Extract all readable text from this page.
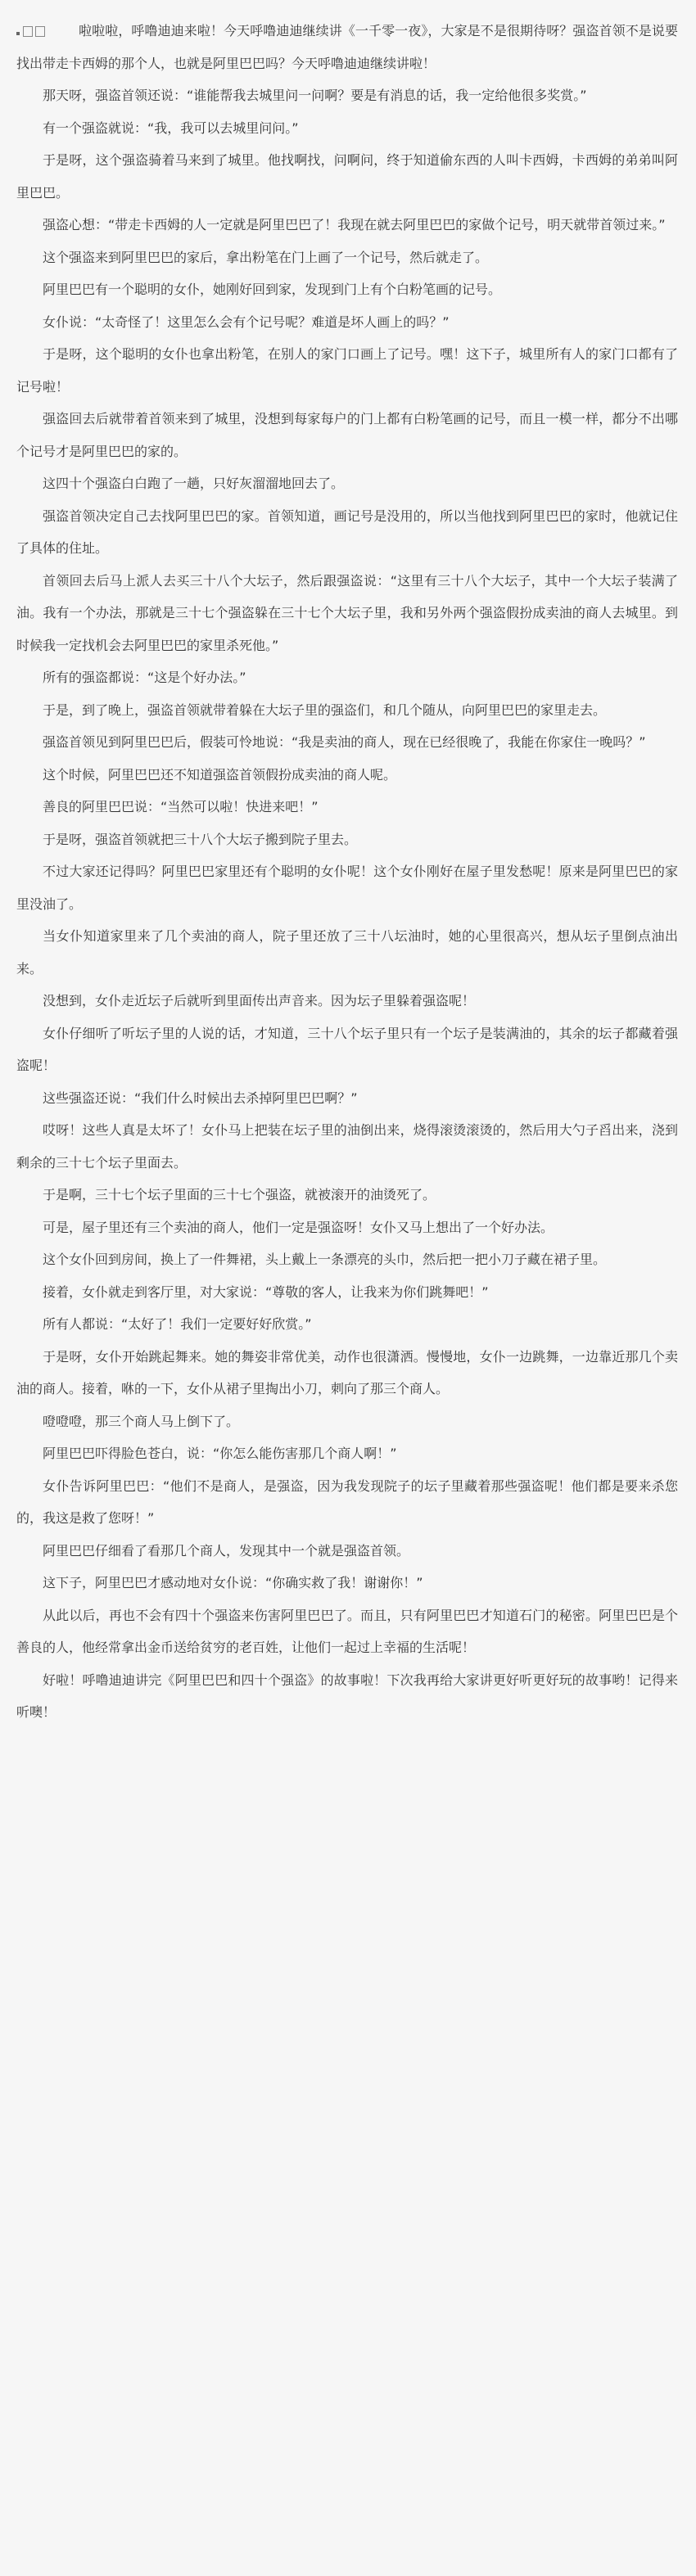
啦啦啦，呼噜迪迪来啦！今天呼噜迪迪继续讲《一千零一夜》，大家是不是很期待呀？强盗首领不是说要找出带走卡西姆的那个人，也就是阿里巴巴吗？今天呼噜迪迪继续讲啦！

那天呀，强盗首领还说：“谁能帮我去城里问一问啊？要是有消息的话，我一定给他很多奖赏。”

有一个强盗就说：“我，我可以去城里问问。”

于是呀，这个强盗骑着马来到了城里。他找啊找，问啊问，终于知道偷东西的人叫卡西姆，卡西姆的弟弟叫阿里巴巴。

强盗心想：“带走卡西姆的人一定就是阿里巴巴了！我现在就去阿里巴巴的家做个记号，明天就带首领过来。”

这个强盗来到阿里巴巴的家后，拿出粉笔在门上画了一个记号，然后就走了。

阿里巴巴有一个聪明的女仆，她刚好回到家，发现到门上有个白粉笔画的记号。

女仆说：“太奇怪了！这里怎么会有个记号呢？难道是坏人画上的吗？”

于是呀，这个聪明的女仆也拿出粉笔，在别人的家门口画上了记号。嘿！这下子，城里所有人的家门口都有了记号啦！

强盗回去后就带着首领来到了城里，没想到每家每户的门上都有白粉笔画的记号，而且一模一样，都分不出哪个记号才是阿里巴巴的家的。

这四十个强盗白白跑了一趟，只好灰溜溜地回去了。

强盗首领决定自己去找阿里巴巴的家。首领知道，画记号是没用的，所以当他找到阿里巴巴的家时，他就记住了具体的住址。

首领回去后马上派人去买三十八个大坛子，然后跟强盗说：“这里有三十八个大坛子，其中一个大坛子装满了油。我有一个办法，那就是三十七个强盗躲在三十七个大坛子里，我和另外两个强盗假扮成卖油的商人去城里。到时候我一定找机会去阿里巴巴的家里杀死他。”

所有的强盗都说：“这是个好办法。”

于是，到了晚上，强盗首领就带着躲在大坛子里的强盗们，和几个随从，向阿里巴巴的家里走去。

强盗首领见到阿里巴巴后，假装可怜地说：“我是卖油的商人，现在已经很晚了，我能在你家住一晚吗？”

这个时候，阿里巴巴还不知道强盗首领假扮成卖油的商人呢。

善良的阿里巴巴说：“当然可以啦！快进来吧！”

于是呀，强盗首领就把三十八个大坛子搬到院子里去。

不过大家还记得吗？阿里巴巴家里还有个聪明的女仆呢！这个女仆刚好在屋子里发愁呢！原来是阿里巴巴的家里没油了。

当女仆知道家里来了几个卖油的商人，院子里还放了三十八坛油时，她的心里很高兴，想从坛子里倒点油出来。

没想到，女仆走近坛子后就听到里面传出声音来。因为坛子里躲着强盗呢！

女仆仔细听了听坛子里的人说的话，才知道，三十八个坛子里只有一个坛子是装满油的，其余的坛子都藏着强盗呢！

这些强盗还说：“我们什么时候出去杀掉阿里巴巴啊？”

哎呀！这些人真是太坏了！女仆马上把装在坛子里的油倒出来，烧得滚烫滚烫的，然后用大勺子舀出来，浇到剩余的三十七个坛子里面去。

于是啊，三十七个坛子里面的三十七个强盗，就被滚开的油烫死了。

可是，屋子里还有三个卖油的商人，他们一定是强盗呀！女仆又马上想出了一个好办法。

这个女仆回到房间，换上了一件舞裙，头上戴上一条漂亮的头巾，然后把一把小刀子藏在裙子里。

接着，女仆就走到客厅里，对大家说：“尊敬的客人，让我来为你们跳舞吧！”

所有人都说：“太好了！我们一定要好好欣赏。”

于是呀，女仆开始跳起舞来。她的舞姿非常优美，动作也很潇洒。慢慢地，女仆一边跳舞，一边靠近那几个卖油的商人。接着，咻的一下，女仆从裙子里掏出小刀，刺向了那三个商人。

噔噔噔，那三个商人马上倒下了。

阿里巴巴吓得脸色苍白，说：“你怎么能伤害那几个商人啊！”

女仆告诉阿里巴巴：“他们不是商人，是强盗，因为我发现院子的坛子里藏着那些强盗呢！他们都是要来杀您的，我这是救了您呀！”

阿里巴巴仔细看了看那几个商人，发现其中一个就是强盗首领。

这下子，阿里巴巴才感动地对女仆说：“你确实救了我！谢谢你！”

从此以后，再也不会有四十个强盗来伤害阿里巴巴了。而且，只有阿里巴巴才知道石门的秘密。阿里巴巴是个善良的人，他经常拿出金币送给贫穷的老百姓，让他们一起过上幸福的生活呢！

好啦！呼噜迪迪讲完《阿里巴巴和四十个强盗》的故事啦！下次我再给大家讲更好听更好玩的故事哟！记得来听噢！
